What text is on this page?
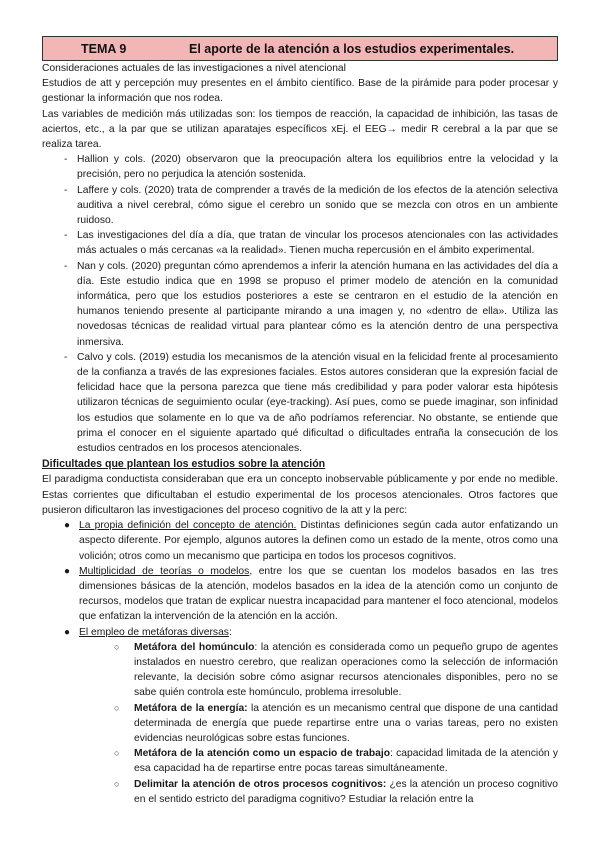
TEMA 9	El aporte de la atención a los estudios experimentales.

Consideraciones actuales de las investigaciones a nivel atencional

Estudios de att y percepción muy presentes en el ámbito científico. Base de la pirámide para poder procesar y gestionar la información que nos rodea.

Las variables de medición más utilizadas son: los tiempos de reacción, la capacidad de inhibición, las tasas de aciertos, etc., a la par que se utilizan aparatajes específicos xEj. el EEG→ medir R cerebral a la par que se realiza tarea.

- Hallion y cols. (2020) observaron que la preocupación altera los equilibrios entre la velocidad y la precisión, pero no perjudica la atención sostenida.
- Laffere y cols. (2020) trata de comprender a través de la medición de los efectos de la atención selectiva auditiva a nivel cerebral, cómo sigue el cerebro un sonido que se mezcla con otros en un ambiente ruidoso.
- Las investigaciones del día a día, que tratan de vincular los procesos atencionales con las actividades más actuales o más cercanas «a la realidad». Tienen mucha repercusión en el ámbito experimental.
- Nan y cols. (2020) preguntan cómo aprendemos a inferir la atención humana en las actividades del día a día. Este estudio indica que en 1998 se propuso el primer modelo de atención en la comunidad informática, pero que los estudios posteriores a este se centraron en el estudio de la atención en humanos teniendo presente al participante mirando a una imagen y, no «dentro de ella». Utiliza las novedosas técnicas de realidad virtual para plantear cómo es la atención dentro de una perspectiva inmersiva.
- Calvo y cols. (2019) estudia los mecanismos de la atención visual en la felicidad frente al procesamiento de la confianza a través de las expresiones faciales. Estos autores consideran que la expresión facial de felicidad hace que la persona parezca que tiene más credibilidad y para poder valorar esta hipótesis utilizaron técnicas de seguimiento ocular (eye-tracking). Así pues, como se puede imaginar, son infinidad los estudios que solamente en lo que va de año podríamos referenciar. No obstante, se entiende que prima el conocer en el siguiente apartado qué dificultad o dificultades entraña la consecución de los estudios centrados en los procesos atencionales.

Dificultades que plantean los estudios sobre la atención

El paradigma conductista consideraban que era un concepto inobservable públicamente y por ende no medible. Estas corrientes que dificultaban el estudio experimental de los procesos atencionales. Otros factores que pusieron dificultaron las investigaciones del proceso cognitivo de la att y la perc:

● La propia definición del concepto de atención. Distintas definiciones según cada autor enfatizando un aspecto diferente. Por ejemplo, algunos autores la definen como un estado de la mente, otros como una volición; otros como un mecanismo que participa en todos los procesos cognitivos.
● Multiplicidad de teorías o modelos, entre los que se cuentan los modelos basados en las tres dimensiones básicas de la atención, modelos basados en la idea de la atención como un conjunto de recursos, modelos que tratan de explicar nuestra incapacidad para mantener el foco atencional, modelos que enfatizan la intervención de la atención en la acción.
● El empleo de metáforas diversas:
○ Metáfora del homúnculo: la atención es considerada como un pequeño grupo de agentes instalados en nuestro cerebro, que realizan operaciones como la selección de información relevante, la decisión sobre cómo asignar recursos atencionales disponibles, pero no se sabe quién controla este homúnculo, problema irresoluble.
○ Metáfora de la energía: la atención es un mecanismo central que dispone de una cantidad determinada de energía que puede repartirse entre una o varias tareas, pero no existen evidencias neurológicas sobre estas funciones.
○ Metáfora de la atención como un espacio de trabajo: capacidad limitada de la atención y esa capacidad ha de repartirse entre pocas tareas simultáneamente.
○ Delimitar la atención de otros procesos cognitivos: ¿es la atención un proceso cognitivo en el sentido estricto del paradigma cognitivo? Estudiar la relación entre la
